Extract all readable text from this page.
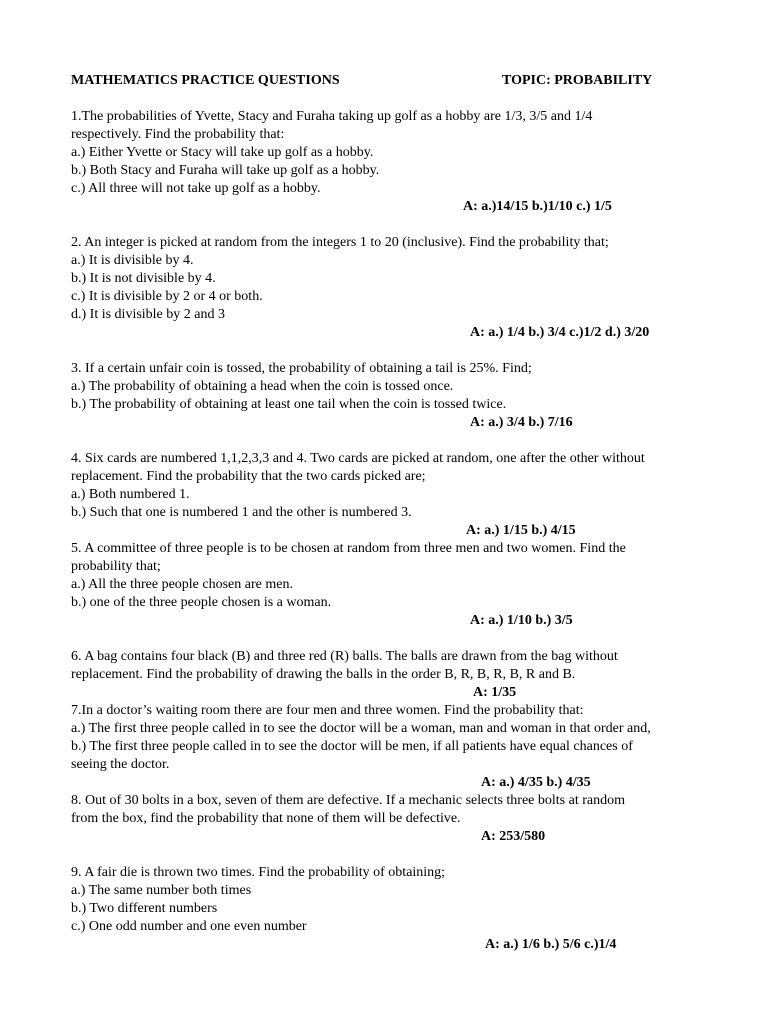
MATHEMATICS PRACTICE QUESTIONS	TOPIC: PROBABILITY
1.The probabilities of Yvette, Stacy and Furaha taking up golf as a hobby are 1/3, 3/5 and 1/4
respectively. Find the probability that:
a.) Either Yvette or Stacy will take up golf as a hobby.
b.) Both Stacy and Furaha will take up golf as a hobby.
c.) All three will not take up golf as a hobby.
A: a.)14/15 b.)1/10 c.) 1/5
2. An integer is picked at random from the integers 1 to 20 (inclusive). Find the probability that;
a.) It is divisible by 4.
b.) It is not divisible by 4.
c.) It is divisible by 2 or 4 or both.
d.) It is divisible by 2 and 3
A: a.) 1/4 b.) 3/4 c.)1/2 d.) 3/20
3. If a certain unfair coin is tossed, the probability of obtaining a tail is 25%. Find;
a.) The probability of obtaining a head when the coin is tossed once.
b.) The probability of obtaining at least one tail when the coin is tossed twice.
A: a.) 3/4 b.) 7/16
4. Six cards are numbered 1,1,2,3,3 and 4. Two cards are picked at random, one after the other without
replacement. Find the probability that the two cards picked are;
a.) Both numbered 1.
b.) Such that one is numbered 1 and the other is numbered 3.
A: a.) 1/15 b.) 4/15
5. A committee of three people is to be chosen at random from three men and two women. Find the
probability that;
a.) All the three people chosen are men.
b.) one of the three people chosen is a woman.
A: a.) 1/10 b.) 3/5
6. A bag contains four black (B) and three red (R) balls. The balls are drawn from the bag without
replacement. Find the probability of drawing the balls in the order B, R, B, R, B, R and B.
A: 1/35
7.In a doctor’s waiting room there are four men and three women. Find the probability that:
a.) The first three people called in to see the doctor will be a woman, man and woman in that order and,
b.) The first three people called in to see the doctor will be men, if all patients have equal chances of
seeing the doctor.
A: a.) 4/35 b.) 4/35
8. Out of 30 bolts in a box, seven of them are defective. If a mechanic selects three bolts at random
from the box, find the probability that none of them will be defective.
A: 253/580
9. A fair die is thrown two times. Find the probability of obtaining;
a.) The same number both times
b.) Two different numbers
c.) One odd number and one even number
A: a.) 1/6 b.) 5/6 c.)1/4
